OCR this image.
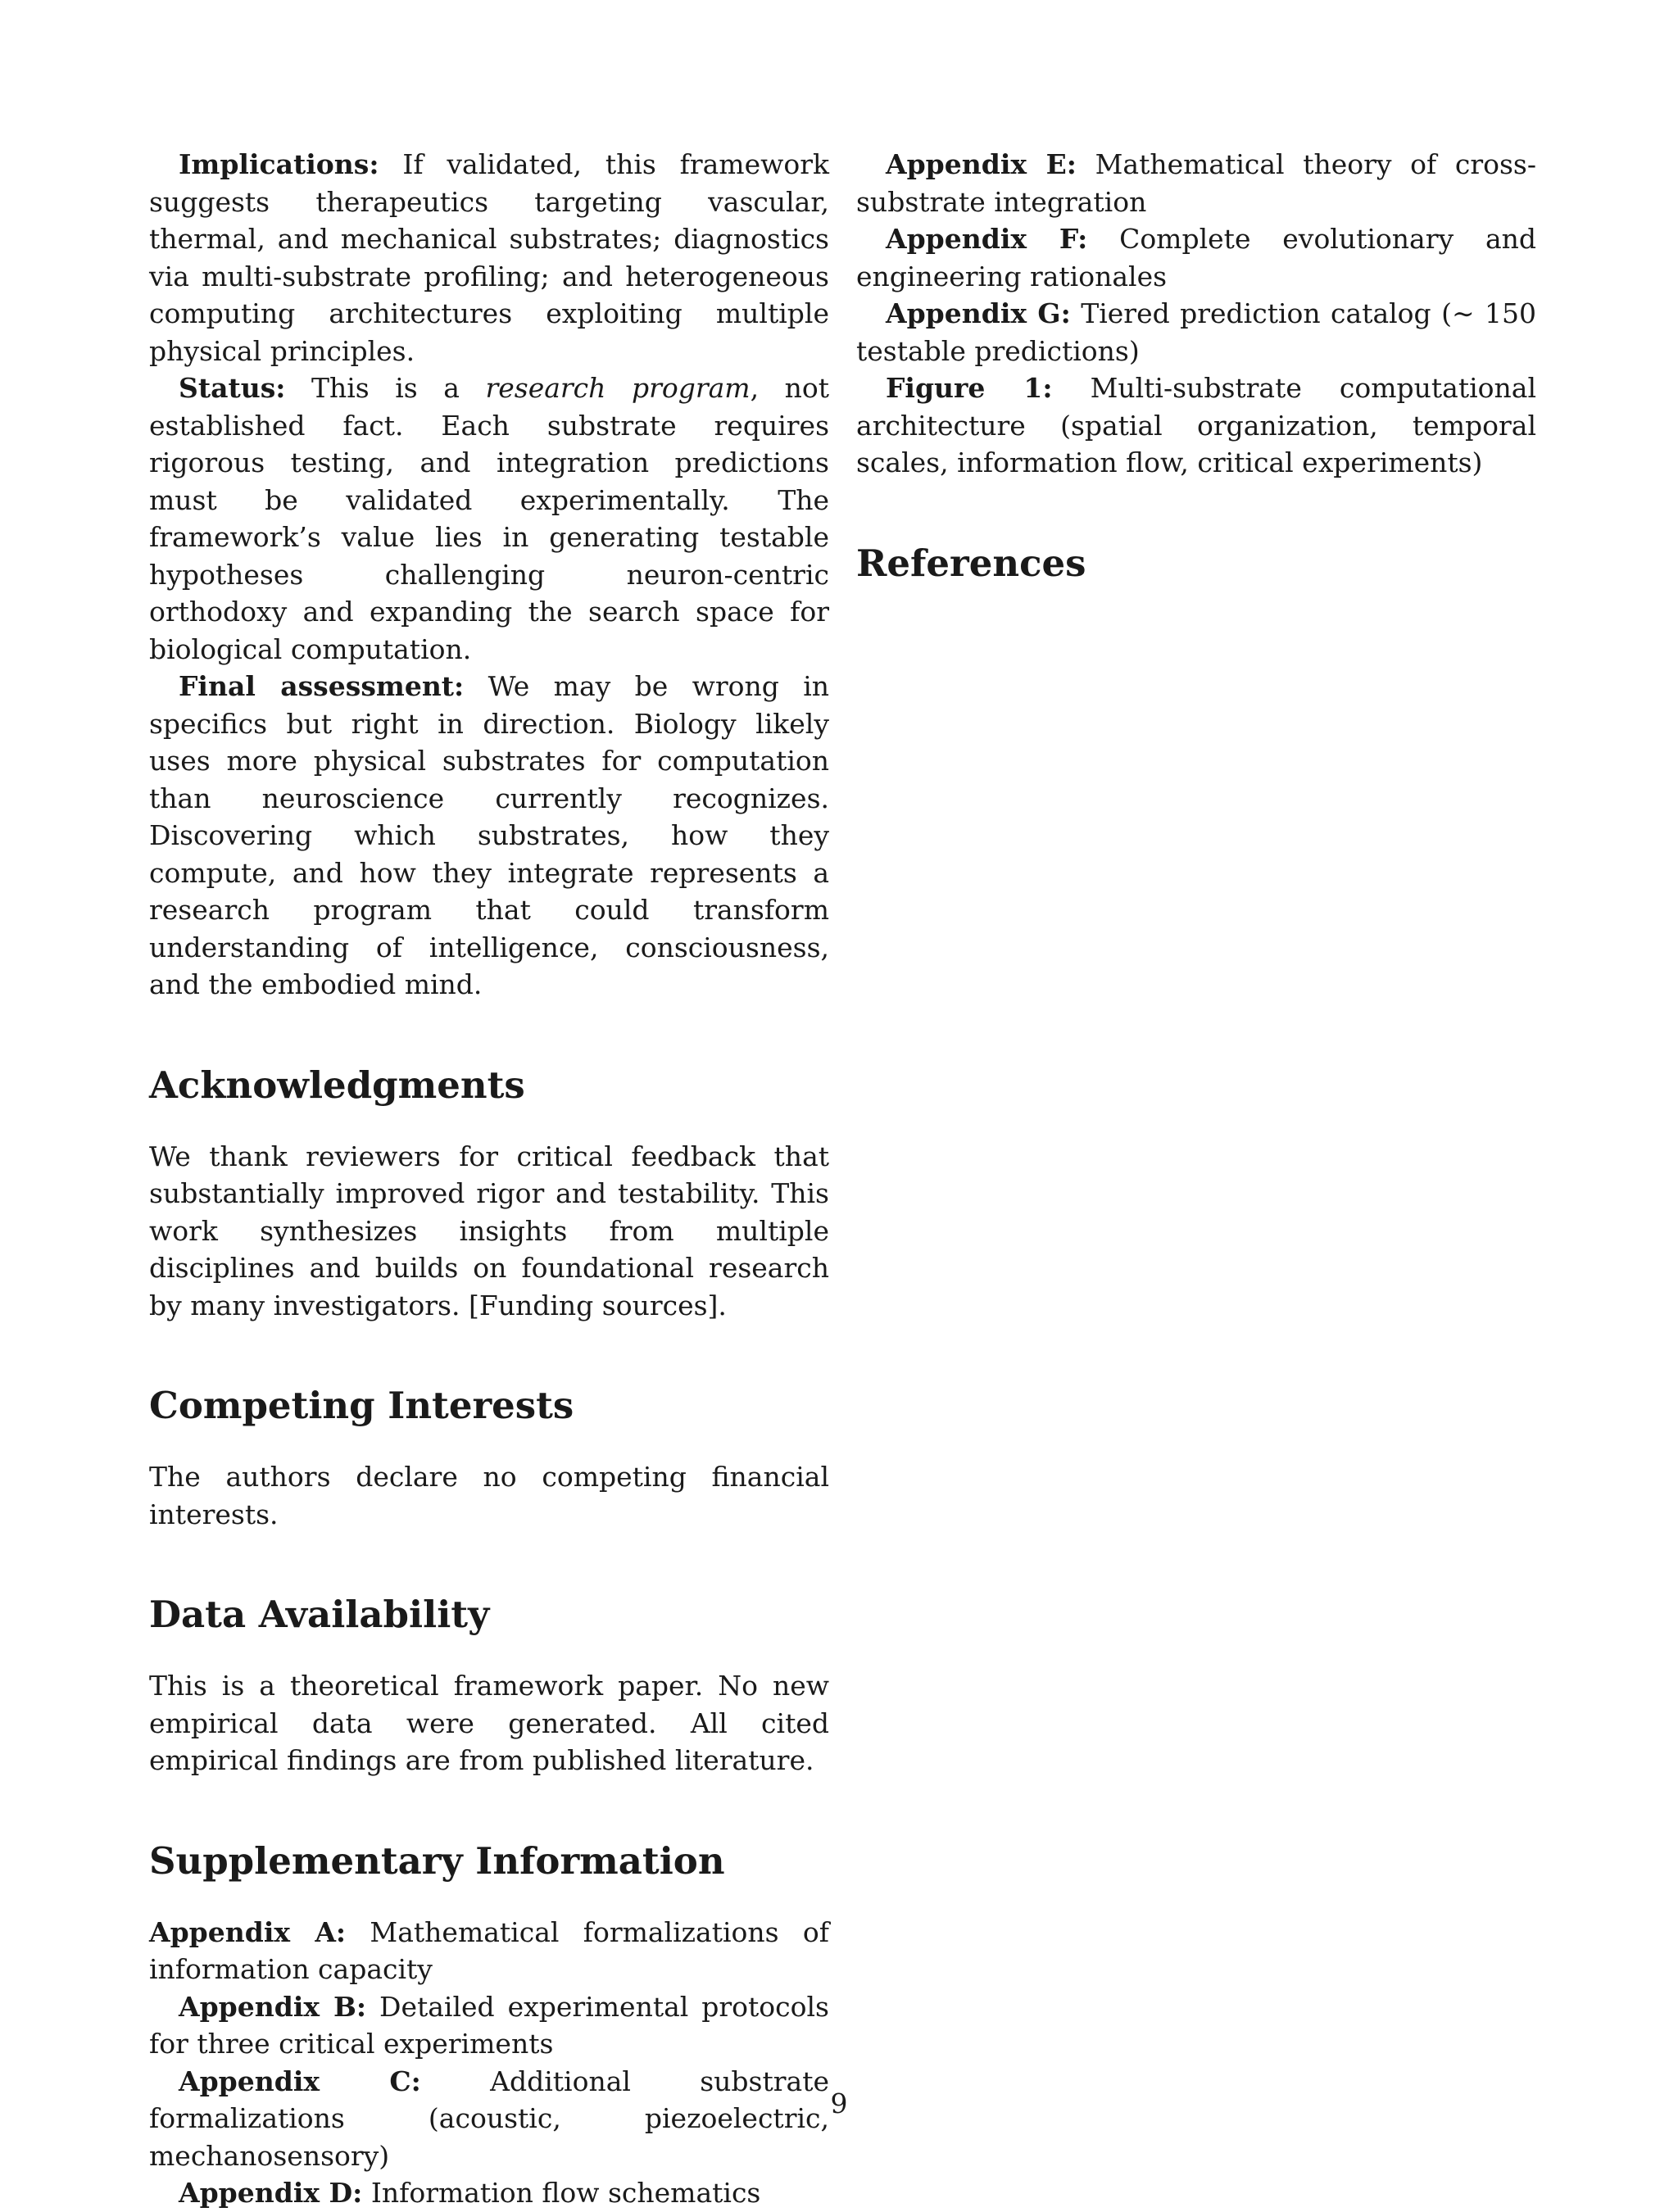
Implications: If validated, this framework suggests therapeutics targeting vascular, thermal, and mechanical substrates; diagnostics via multi-substrate profiling; and heterogeneous computing architectures exploiting multiple physical principles.

Status: This is a research program, not established fact. Each substrate requires rigorous testing, and integration predictions must be validated experimentally. The framework’s value lies in generating testable hypotheses challenging neuron-centric orthodoxy and expanding the search space for biological computation.

Final assessment: We may be wrong in specifics but right in direction. Biology likely uses more physical substrates for computation than neuroscience currently recognizes. Discovering which substrates, how they compute, and how they integrate represents a research program that could transform understanding of intelligence, consciousness, and the embodied mind.

Acknowledgments

We thank reviewers for critical feedback that substantially improved rigor and testability. This work synthesizes insights from multiple disciplines and builds on foundational research by many investigators. [Funding sources].

Competing Interests

The authors declare no competing financial interests.

Data Availability

This is a theoretical framework paper. No new empirical data were generated. All cited empirical findings are from published literature.

Supplementary Information

Appendix A: Mathematical formalizations of information capacity

Appendix B: Detailed experimental protocols for three critical experiments

Appendix C: Additional substrate formalizations (acoustic, piezoelectric, mechanosensory)

Appendix D: Information flow schematics

Appendix E: Mathematical theory of cross-substrate integration

Appendix F: Complete evolutionary and engineering rationales

Appendix G: Tiered prediction catalog (∼ 150 testable predictions)

Figure 1: Multi-substrate computational architecture (spatial organization, temporal scales, information flow, critical experiments)

References
9
